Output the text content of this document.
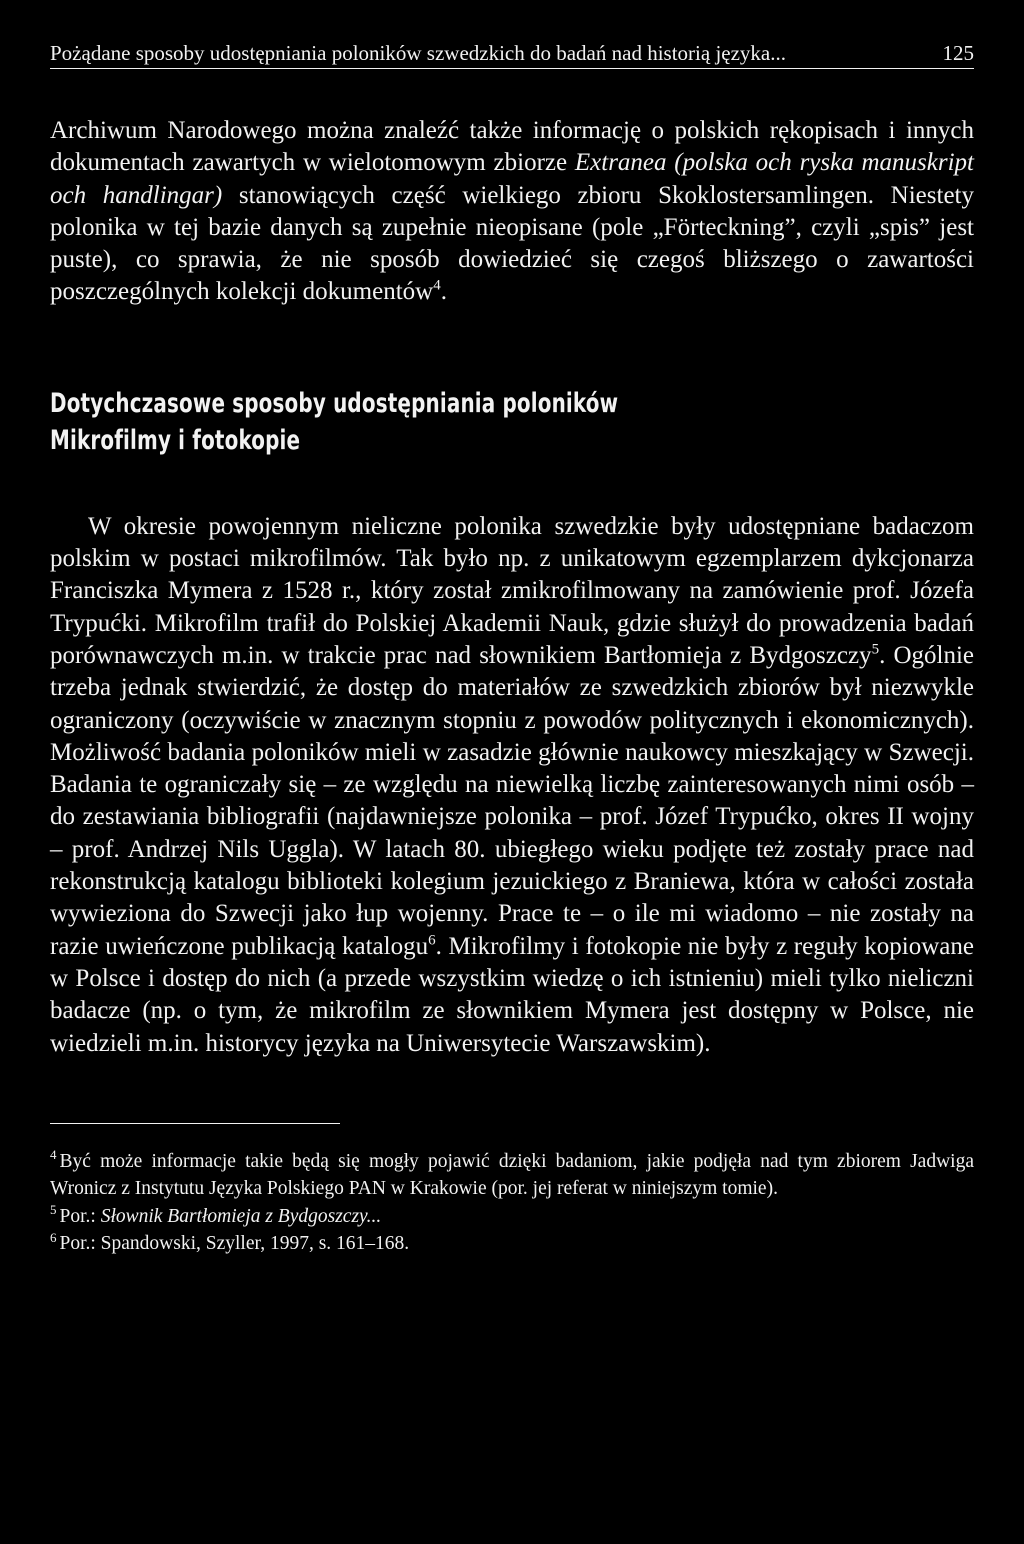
Pożądane sposoby udostępniania poloników szwedzkich do badań nad historią języka...	125

Archiwum Narodowego można znaleźć także informację o polskich rękopisach i innych dokumentach zawartych w wielotomowym zbiorze Extranea (polska och ryska manuskript och handlingar) stanowiących część wielkiego zbioru Skoklostersamlingen. Niestety polonika w tej bazie danych są zupełnie nieopisane (pole „Förteckning”, czyli „spis” jest puste), co sprawia, że nie sposób dowiedzieć się czegoś bliższego o zawartości poszczególnych kolekcji dokumentów$^4$.

Dotychczasowe sposoby udostępniania poloników
Mikrofilmy i fotokopie

W okresie powojennym nieliczne polonika szwedzkie były udostępniane badaczom polskim w postaci mikrofilmów. Tak było np. z unikatowym egzemplarzem dykcjonarza Franciszka Mymera z 1528 r., który został zmikrofilmowany na zamówienie prof. Józefa Trypućki. Mikrofilm trafił do Polskiej Akademii Nauk, gdzie służył do prowadzenia badań porównawczych m.in. w trakcie prac nad słownikiem Bartłomieja z Bydgoszczy$^5$. Ogólnie trzeba jednak stwierdzić, że dostęp do materiałów ze szwedzkich zbiorów był niezwykle ograniczony (oczywiście w znacznym stopniu z powodów politycznych i ekonomicznych). Możliwość badania poloników mieli w zasadzie głównie naukowcy mieszkający w Szwecji. Badania te ograniczały się – ze względu na niewielką liczbę zainteresowanych nimi osób – do zestawiania bibliografii (najdawniejsze polonika – prof. Józef Trypućko, okres II wojny – prof. Andrzej Nils Uggla). W latach 80. ubiegłego wieku podjęte też zostały prace nad rekonstrukcją katalogu biblioteki kolegium jezuickiego z Braniewa, która w całości została wywieziona do Szwecji jako łup wojenny. Prace te – o ile mi wiadomo – nie zostały na razie uwieńczone publikacją katalogu$^6$. Mikrofilmy i fotokopie nie były z reguły kopiowane w Polsce i dostęp do nich (a przede wszystkim wiedzę o ich istnieniu) mieli tylko nieliczni badacze (np. o tym, że mikrofilm ze słownikiem Mymera jest dostępny w Polsce, nie wiedzieli m.in. historycy języka na Uniwersytecie Warszawskim).

$^4$ Być może informacje takie będą się mogły pojawić dzięki badaniom, jakie podjęła nad tym zbiorem Jadwiga Wronicz z Instytutu Języka Polskiego PAN w Krakowie (por. jej referat w niniejszym tomie).

$^5$ Por.: Słownik Bartłomieja z Bydgoszczy...

$^6$ Por.: Spandowski, Szyller, 1997, s. 161–168.
